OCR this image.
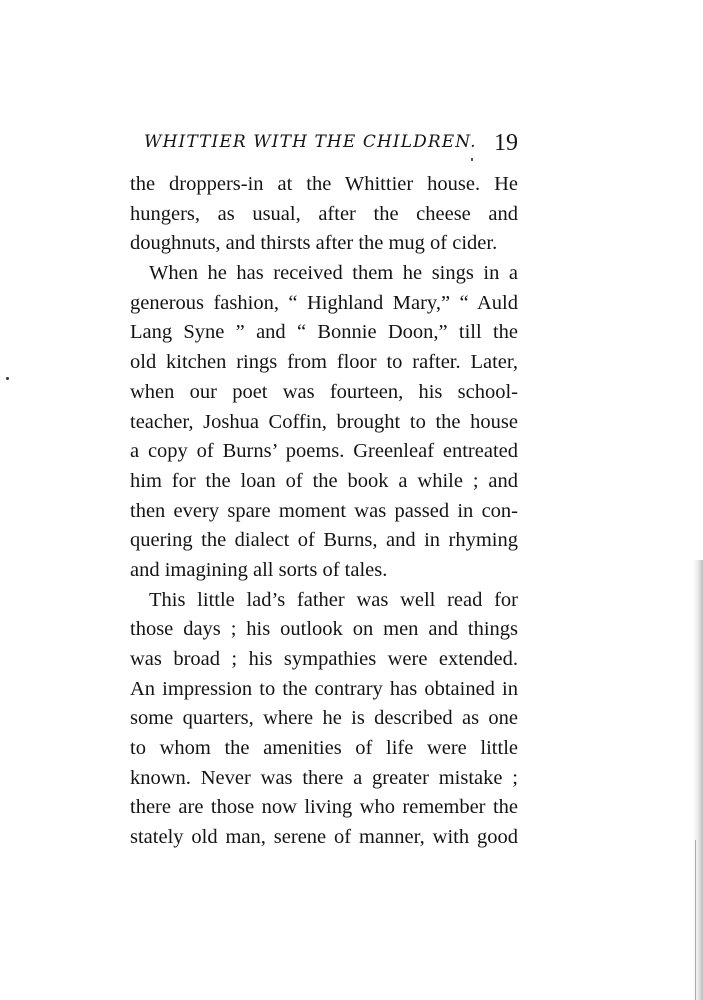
WHITTIER WITH THE CHILDREN. 19
the droppers-in at the Whittier house. He
hungers, as usual, after the cheese and
doughnuts, and thirsts after the mug of cider.
When he has received them he sings in a
generous fashion, “ Highland Mary,” “ Auld
Lang Syne ” and “ Bonnie Doon,” till the
old kitchen rings from floor to rafter. Later,
when our poet was fourteen, his school-
teacher, Joshua Coffin, brought to the house
a copy of Burns’ poems. Greenleaf entreated
him for the loan of the book a while ; and
then every spare moment was passed in con-
quering the dialect of Burns, and in rhyming
and imagining all sorts of tales.
This little lad’s father was well read for
those days ; his outlook on men and things
was broad ; his sympathies were extended.
An impression to the contrary has obtained in
some quarters, where he is described as one
to whom the amenities of life were little
known. Never was there a greater mistake ;
there are those now living who remember the
stately old man, serene of manner, with good
